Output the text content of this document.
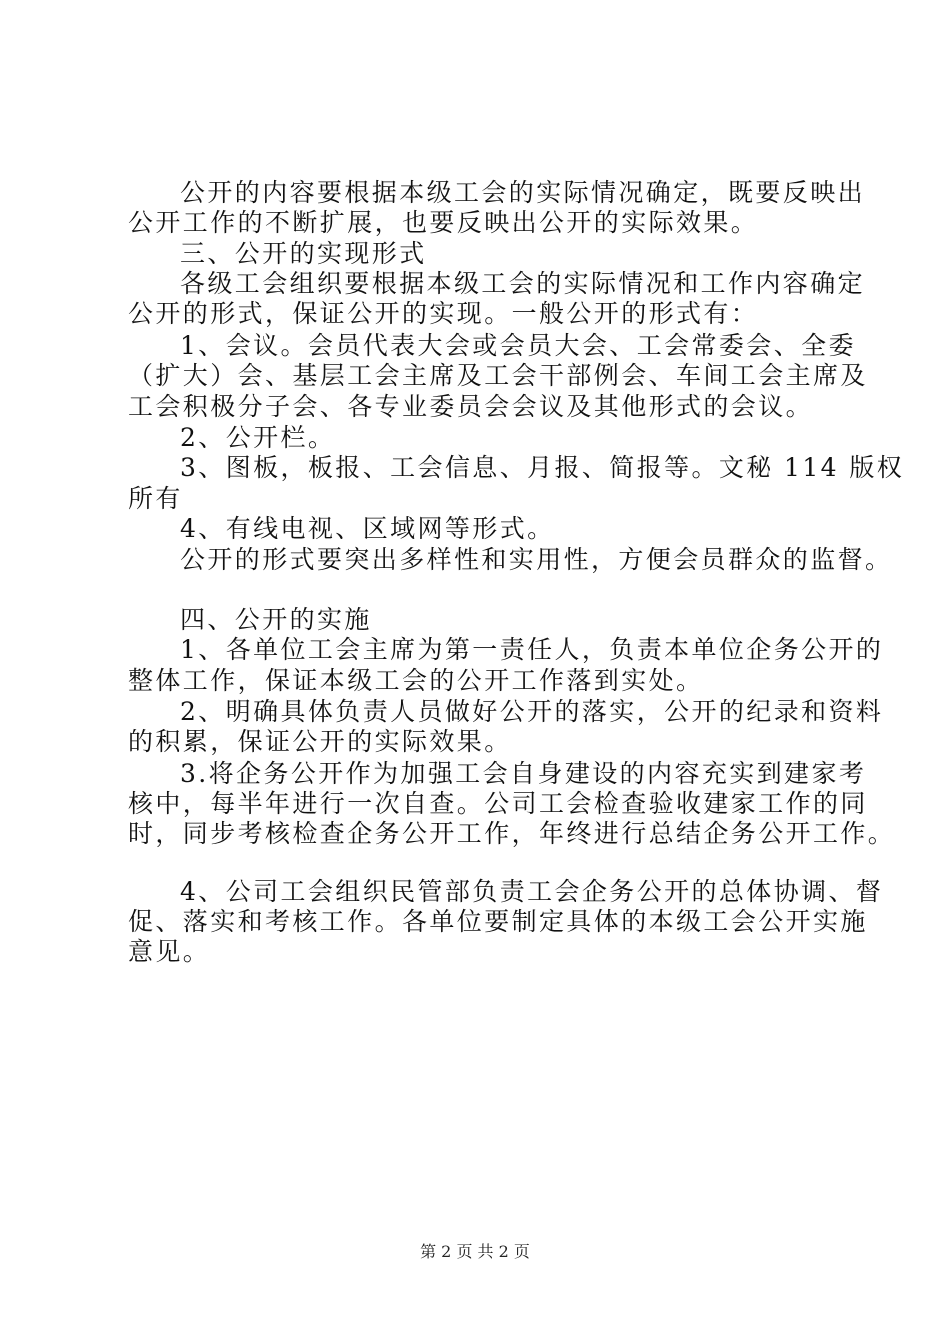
公开的内容要根据本级工会的实际情况确定，既要反映出
公开工作的不断扩展，也要反映出公开的实际效果。
三、公开的实现形式
各级工会组织要根据本级工会的实际情况和工作内容确定
公开的形式，保证公开的实现。一般公开的形式有：
1、会议。会员代表大会或会员大会、工会常委会、全委
（扩大）会、基层工会主席及工会干部例会、车间工会主席及
工会积极分子会、各专业委员会会议及其他形式的会议。
2、公开栏。
3、图板，板报、工会信息、月报、简报等。文秘 114 版权
所有
4、有线电视、区域网等形式。
公开的形式要突出多样性和实用性，方便会员群众的监督。
四、公开的实施
1、各单位工会主席为第一责任人，负责本单位企务公开的
整体工作，保证本级工会的公开工作落到实处。
2、明确具体负责人员做好公开的落实，公开的纪录和资料
的积累，保证公开的实际效果。
3.将企务公开作为加强工会自身建设的内容充实到建家考
核中，每半年进行一次自查。公司工会检查验收建家工作的同
时，同步考核检查企务公开工作，年终进行总结企务公开工作。
4、公司工会组织民管部负责工会企务公开的总体协调、督
促、落实和考核工作。各单位要制定具体的本级工会公开实施
意见。
第 2 页 共 2 页
